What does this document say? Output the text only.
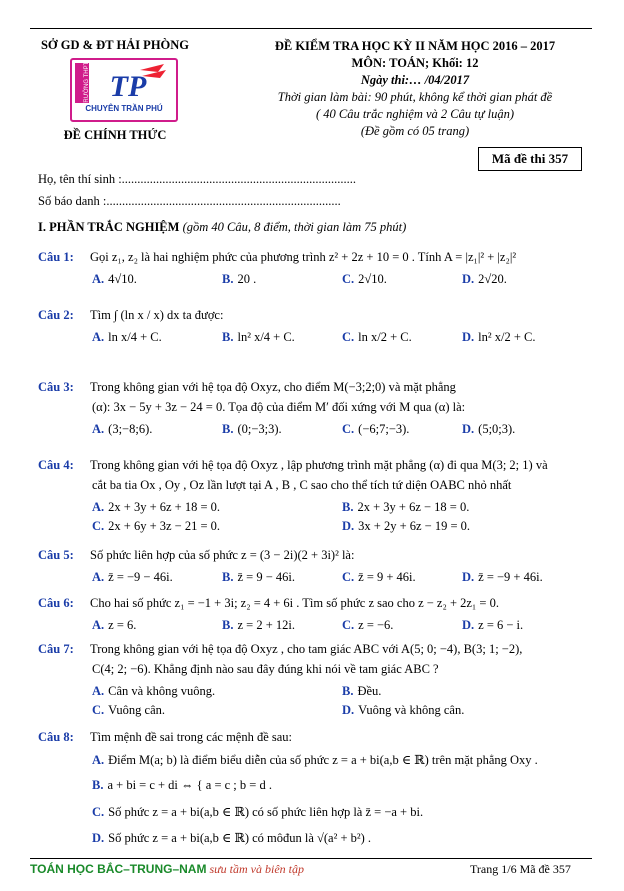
SỞ GD & ĐT HẢI PHÒNG
TRƯỜNG THPT TP
CHUYÊN TRẦN PHÚ
ĐỀ CHÍNH THỨC
ĐỀ KIỂM TRA HỌC KỲ II NĂM HỌC 2016 – 2017
MÔN: TOÁN; Khối: 12
Ngày thi:… /04/2017
Thời gian làm bài: 90 phút, không kể thời gian phát đề
( 40 Câu trắc nghiệm và 2 Câu tự luận)
(Đề gồm có 05 trang)
Mã đề thi 357
Họ, tên thí sinh :...........................................................................
Số báo danh :...........................................................................
I. PHẦN TRẮC NGHIỆM (gồm 40 Câu, 8 điểm, thời gian làm 75 phút)
Câu 1: Gọi z₁, z₂ là hai nghiệm phức của phương trình z² + 2z + 10 = 0 . Tính A = |z₁|² + |z₂|²
A. 4√10.	B. 20 .	C. 2√10.	D. 2√20.
Câu 2: Tìm ∫ (ln x / x) dx ta được:
A. ln x/4 + C.	B. ln² x/4 + C.	C. ln x/2 + C.	D. ln² x/2 + C.
Câu 3: Trong không gian với hệ tọa độ Oxyz, cho điểm M(−3;2;0) và mặt phẳng
(α): 3x − 5y + 3z − 24 = 0. Tọa độ của điểm M′ đối xứng với M qua (α) là:
A. (3;−8;6).	B. (0;−3;3).	C. (−6;7;−3).	D. (5;0;3).
Câu 4: Trong không gian với hệ tọa độ Oxyz , lập phương trình mặt phẳng (α) đi qua M(3; 2; 1) và
cắt ba tia Ox , Oy , Oz lần lượt tại A , B , C sao cho thể tích tứ diện OABC nhỏ nhất
A. 2x + 3y + 6z + 18 = 0.	B. 2x + 3y + 6z − 18 = 0.
C. 2x + 6y + 3z − 21 = 0.	D. 3x + 2y + 6z − 19 = 0.
Câu 5: Số phức liên hợp của số phức z = (3 − 2i)(2 + 3i)² là:
A. z̄ = −9 − 46i.	B. z̄ = 9 − 46i.	C. z̄ = 9 + 46i.	D. z̄ = −9 + 46i.
Câu 6: Cho hai số phức z₁ = −1 + 3i; z₂ = 4 + 6i . Tìm số phức z sao cho z − z₂ + 2z₁ = 0.
A. z = 6.	B. z = 2 + 12i.	C. z = −6.	D. z = 6 − i.
Câu 7: Trong không gian với hệ tọa độ Oxyz , cho tam giác ABC với A(5; 0; −4), B(3; 1; −2),
C(4; 2; −6). Khẳng định nào sau đây đúng khi nói về tam giác ABC ?
A. Cân và không vuông.	B. Đều.
C. Vuông cân.	D. Vuông và không cân.
Câu 8: Tìm mệnh đề sai trong các mệnh đề sau:
A. Điểm M(a; b) là điểm biểu diễn của số phức z = a + bi(a,b ∈ ℝ) trên mặt phẳng Oxy .
B. a + bi = c + di ⇔ { a = c ; b = d .
C. Số phức z = a + bi(a,b ∈ ℝ) có số phức liên hợp là z̄ = −a + bi.
D. Số phức z = a + bi(a,b ∈ ℝ) có môđun là √(a² + b²) .
TOÁN HỌC BẮC–TRUNG–NAM sưu tầm và biên tập	Trang 1/6 Mã đề 357
